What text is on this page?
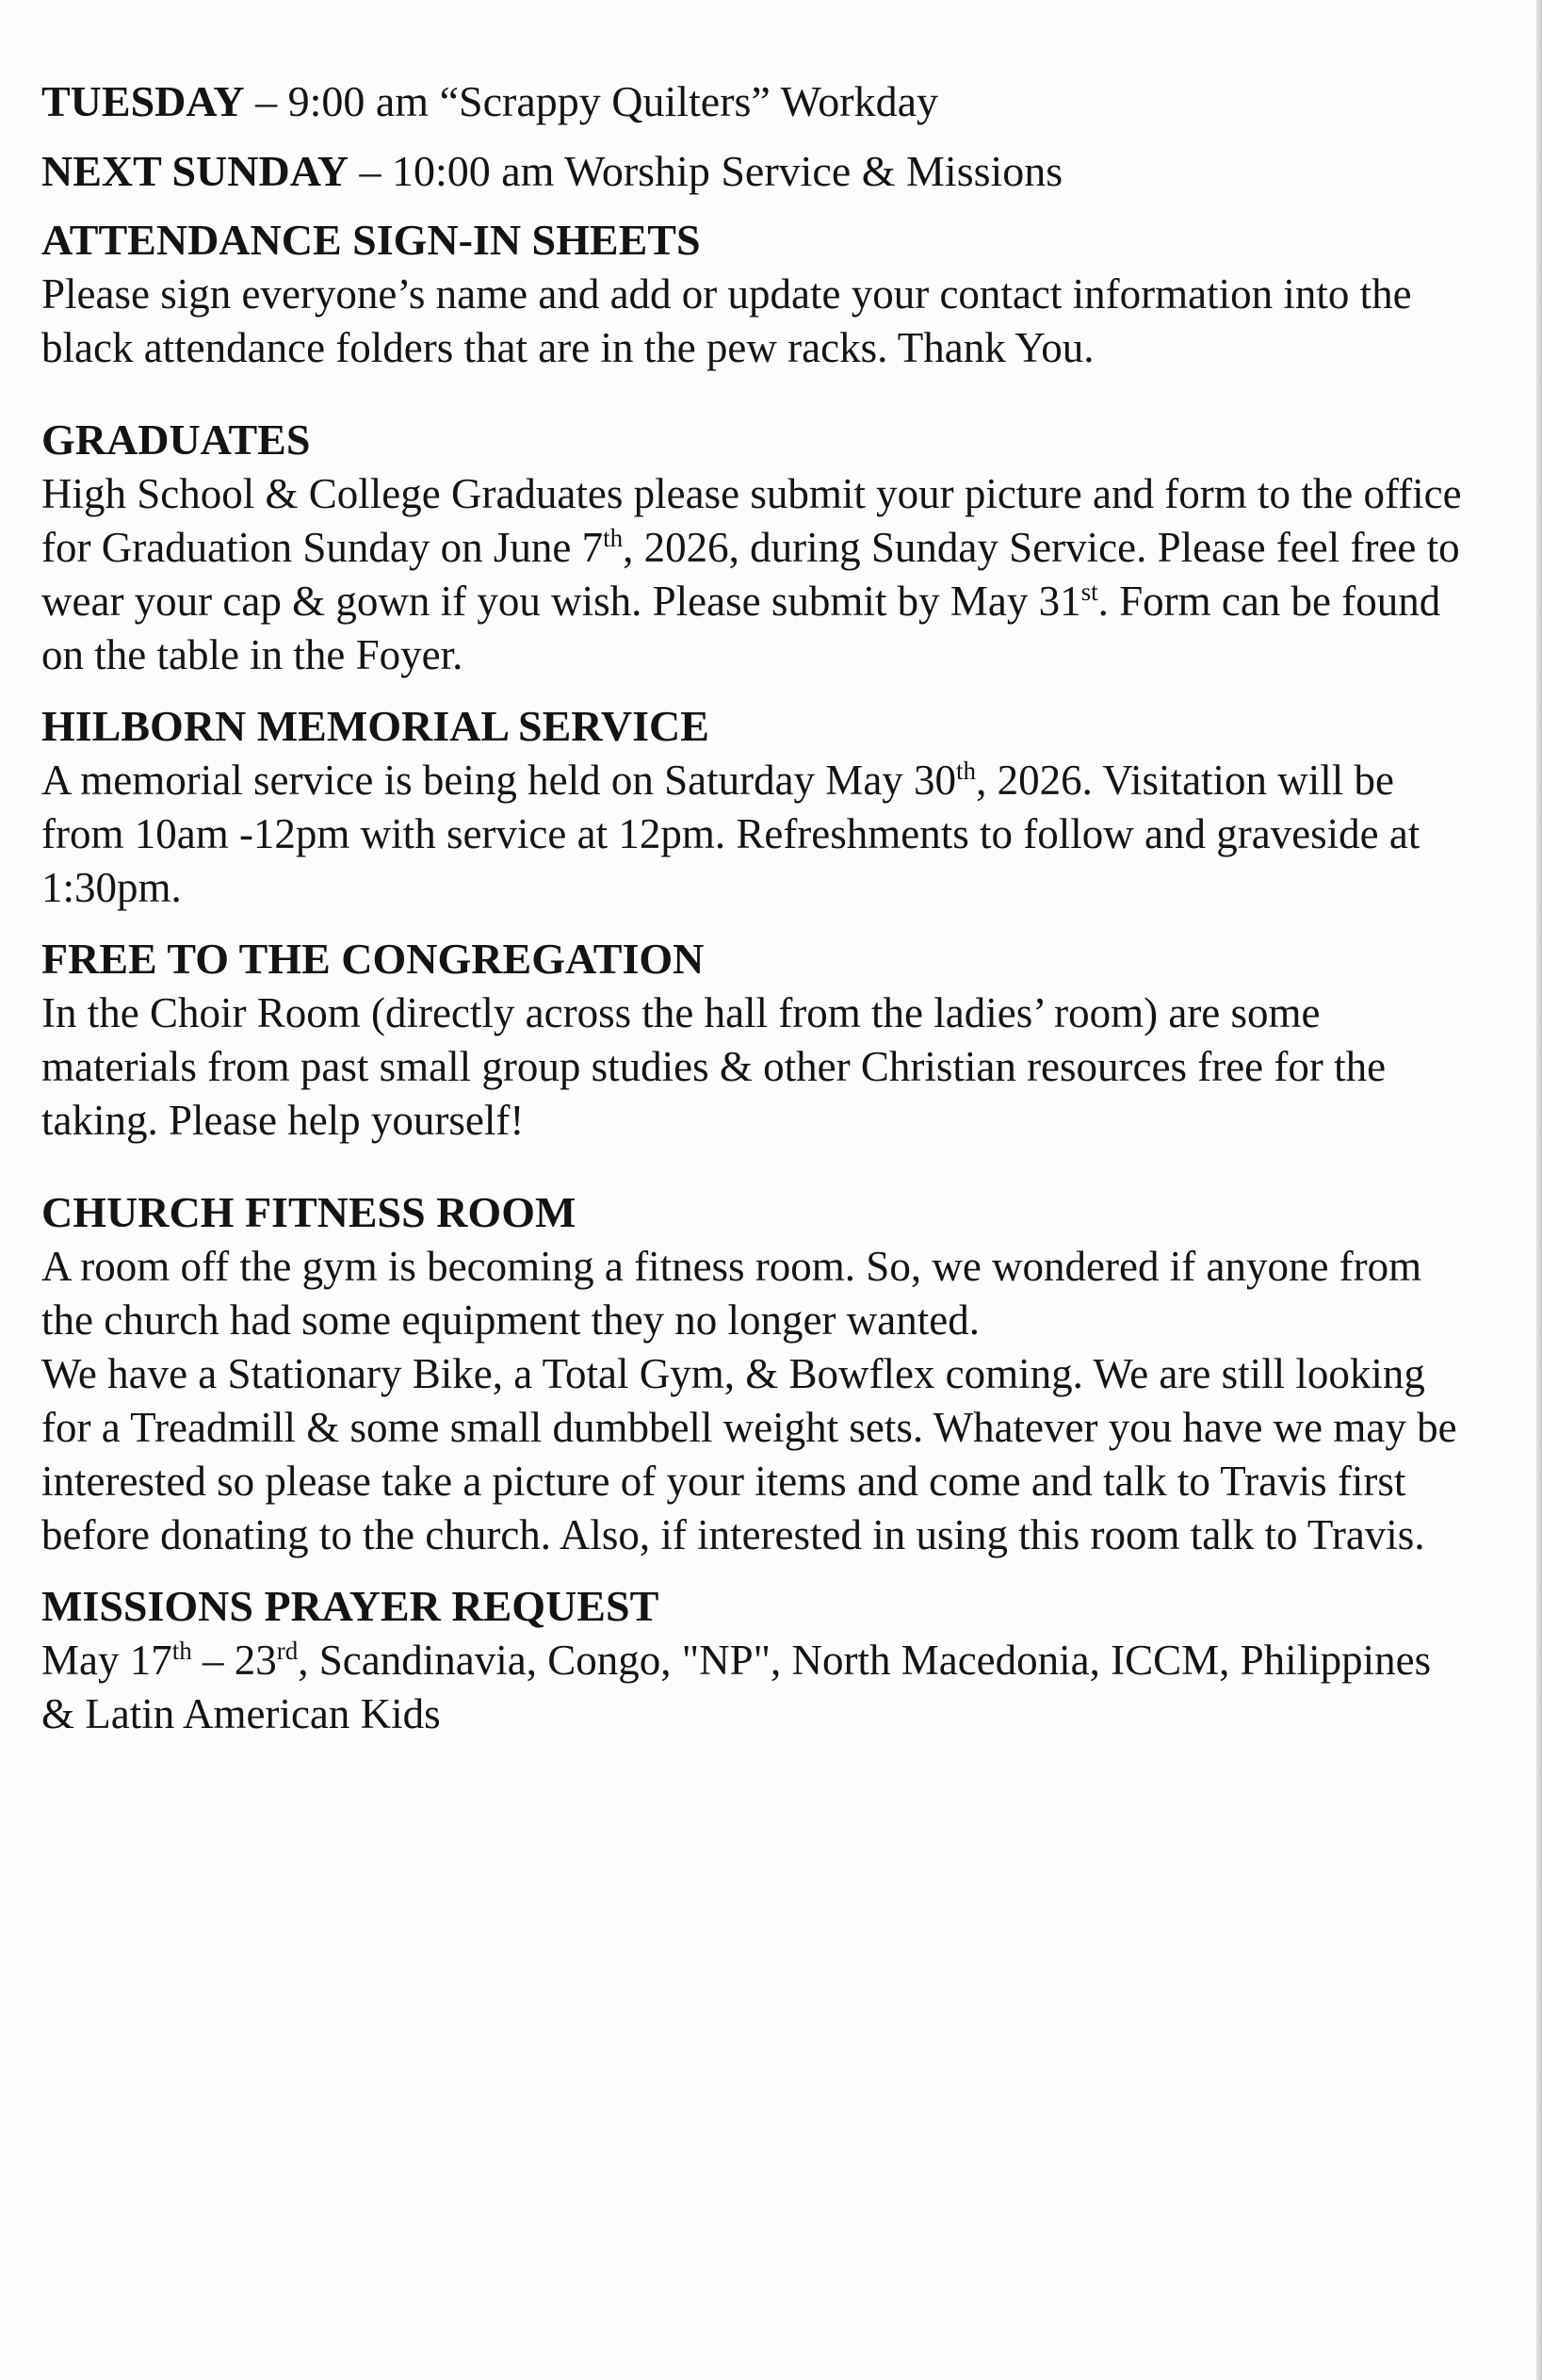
TUESDAY – 9:00 am “Scrappy Quilters” Workday
NEXT SUNDAY – 10:00 am Worship Service & Missions
ATTENDANCE SIGN-IN SHEETS
Please sign everyone’s name and add or update your contact information into the black attendance folders that are in the pew racks. Thank You.
GRADUATES
High School & College Graduates please submit your picture and form to the office for Graduation Sunday on June 7th, 2026, during Sunday Service. Please feel free to wear your cap & gown if you wish. Please submit by May 31st. Form can be found on the table in the Foyer.
HILBORN MEMORIAL SERVICE
A memorial service is being held on Saturday May 30th, 2026. Visitation will be from 10am -12pm with service at 12pm. Refreshments to follow and graveside at 1:30pm.
FREE TO THE CONGREGATION
In the Choir Room (directly across the hall from the ladies’ room) are some materials from past small group studies & other Christian resources free for the taking. Please help yourself!
CHURCH FITNESS ROOM

A room off the gym is becoming a fitness room. So, we wondered if anyone from the church had some equipment they no longer wanted.

We have a Stationary Bike, a Total Gym, & Bowflex coming. We are still looking for a Treadmill & some small dumbbell weight sets. Whatever you have we may be interested so please take a picture of your items and come and talk to Travis first before donating to the church. Also, if interested in using this room talk to Travis.

MISSIONS PRAYER REQUEST
May 17th – 23rd, Scandinavia, Congo, "NP", North Macedonia, ICCM, Philippines & Latin American Kids
